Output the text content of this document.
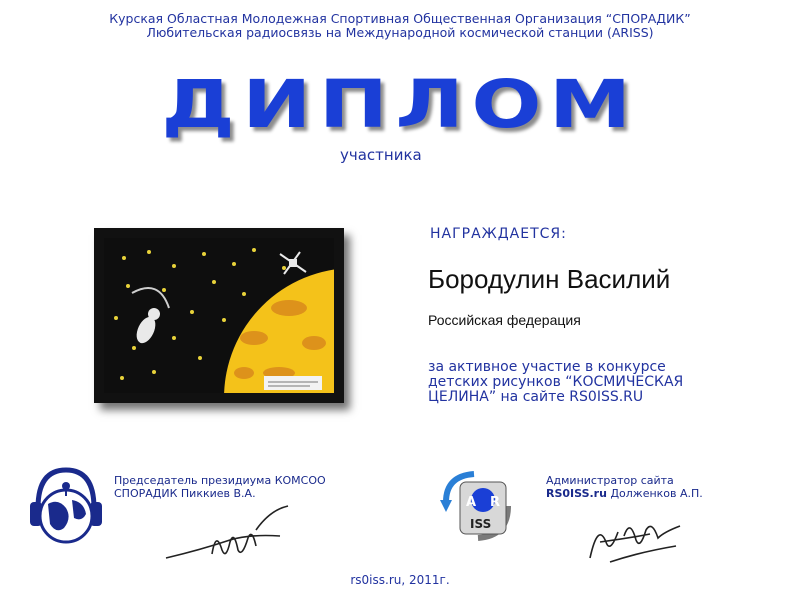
Курская Областная Молодежная Спортивная Общественная Организация “СПОРАДИК”
Любительская радиосвязь на Международной космической станции (ARISS)
ДИПЛОМ
участника
НАГРАЖДАЕТСЯ:
Бородулин Василий
Российская федерация
за активное участие в конкурсе
детских рисунков “КОСМИЧЕСКАЯ
ЦЕЛИНА” на сайте RS0ISS.RU
Председатель президиума КОМСОО
СПОРАДИК Пиккиев В.А.
A R
ISS
Администратор сайта
RS0ISS.ru Долженков А.П.
rs0iss.ru, 2011г.
